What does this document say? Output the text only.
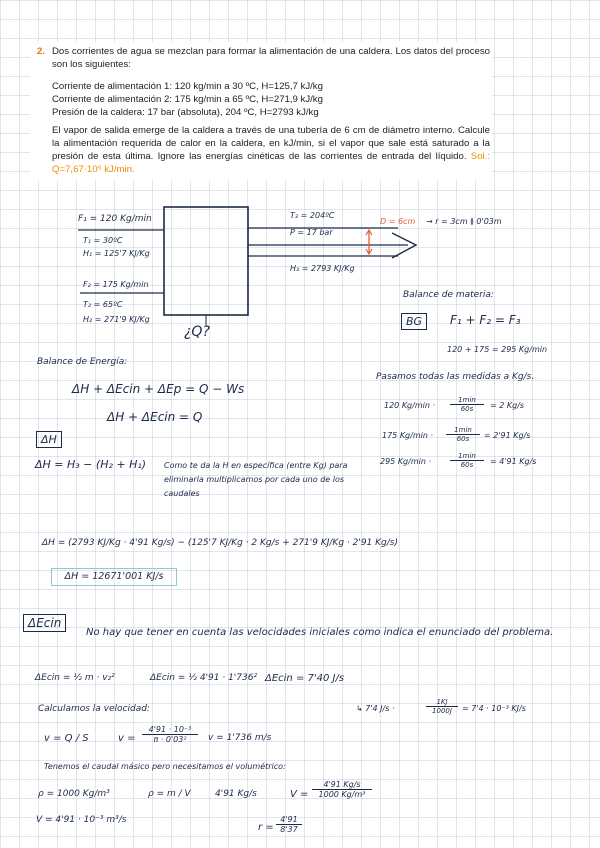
2. Dos corrientes de agua se mezclan para formar la alimentación de una caldera. Los datos del proceso son los siguientes:

Corriente de alimentación 1: 120 kg/min a 30 ºC, H=125,7 kJ/kg

Corriente de alimentación 2: 175 kg/min a 65 ºC, H=271,9 kJ/kg

Presión de la caldera: 17 bar (absoluta), 204 ºC, H=2793 kJ/kg

El vapor de salida emerge de la caldera a través de una tubería de 6 cm de diámetro interno. Calcule la alimentación requerida de calor en la caldera, en kJ/min, si el vapor que sale está saturado a la presión de esta última. Ignore las energías cinéticas de las corrientes de entrada del líquido. Sol.: Q=7,67·10⁵ kJ/min.

F₁ = 120 Kg/min
T₁ = 30ºC
H₁ = 125'7 KJ/Kg
F₂ = 175 Kg/min
T₂ = 65ºC
H₂ = 271'9 KJ/Kg
T₃ = 204ºC
P = 17 bar
H₃ = 2793 KJ/Kg
D = 6cm → r = 3cm ≬ 0'03m
¿Q?
Balance de materia:
BG	F₁ + F₂ = F₃
120 + 175 = 295 Kg/min
Balance de Energía:
ΔH + ΔEcin + ΔEp = Q − Ws
ΔH + ΔEcin = Q
Pasamos todas las medidas a Kg/s.
120 Kg/min ·
1min
60s	= 2 Kg/s
175 Kg/min ·
1min
60s	= 2'91 Kg/s
295 Kg/min ·
1min
60s	= 4'91 Kg/s
ΔH
ΔH = H₃ − (H₂ + H₁) Como te da la H en específica (entre Kg) para eliminarla multiplicamos por cada uno de los caudales
ΔH = (2793 KJ/Kg · 4'91 Kg/s) − (125'7 KJ/Kg · 2 Kg/s + 271'9 KJ/Kg · 2'91 Kg/s)
ΔH = 12671'001 KJ/s
ΔEcin
No hay que tener en cuenta las velocidades iniciales como indica el enunciado del problema.
ΔEcin = ½ m · v₂²	ΔEcin = ½ 4'91 · 1'736² ΔEcin = 7'40 J/s
↳ 7'4 J/s ·	$\frac{1KJ}{1000J} = 7'4 \cdot 10^{-3}$ KJ/s
Calculamos la velocidad:
v = Q / S	$v = \frac{\text{4'91 · 10⁻³}}{\text{π · 0'03²}}$ v = 1'736 m/s
Tenemos el caudal másico pero necesitamos el volumétrico:
ρ = 1000 Kg/m³	ρ = m / V	4'91 Kg/s	$V = \frac{4'91 Kg/s}{\text{1000 Kg/m³}}$
V = 4'91 · 10⁻³ m³/s
$r = \frac{4'91}{8'37}$
